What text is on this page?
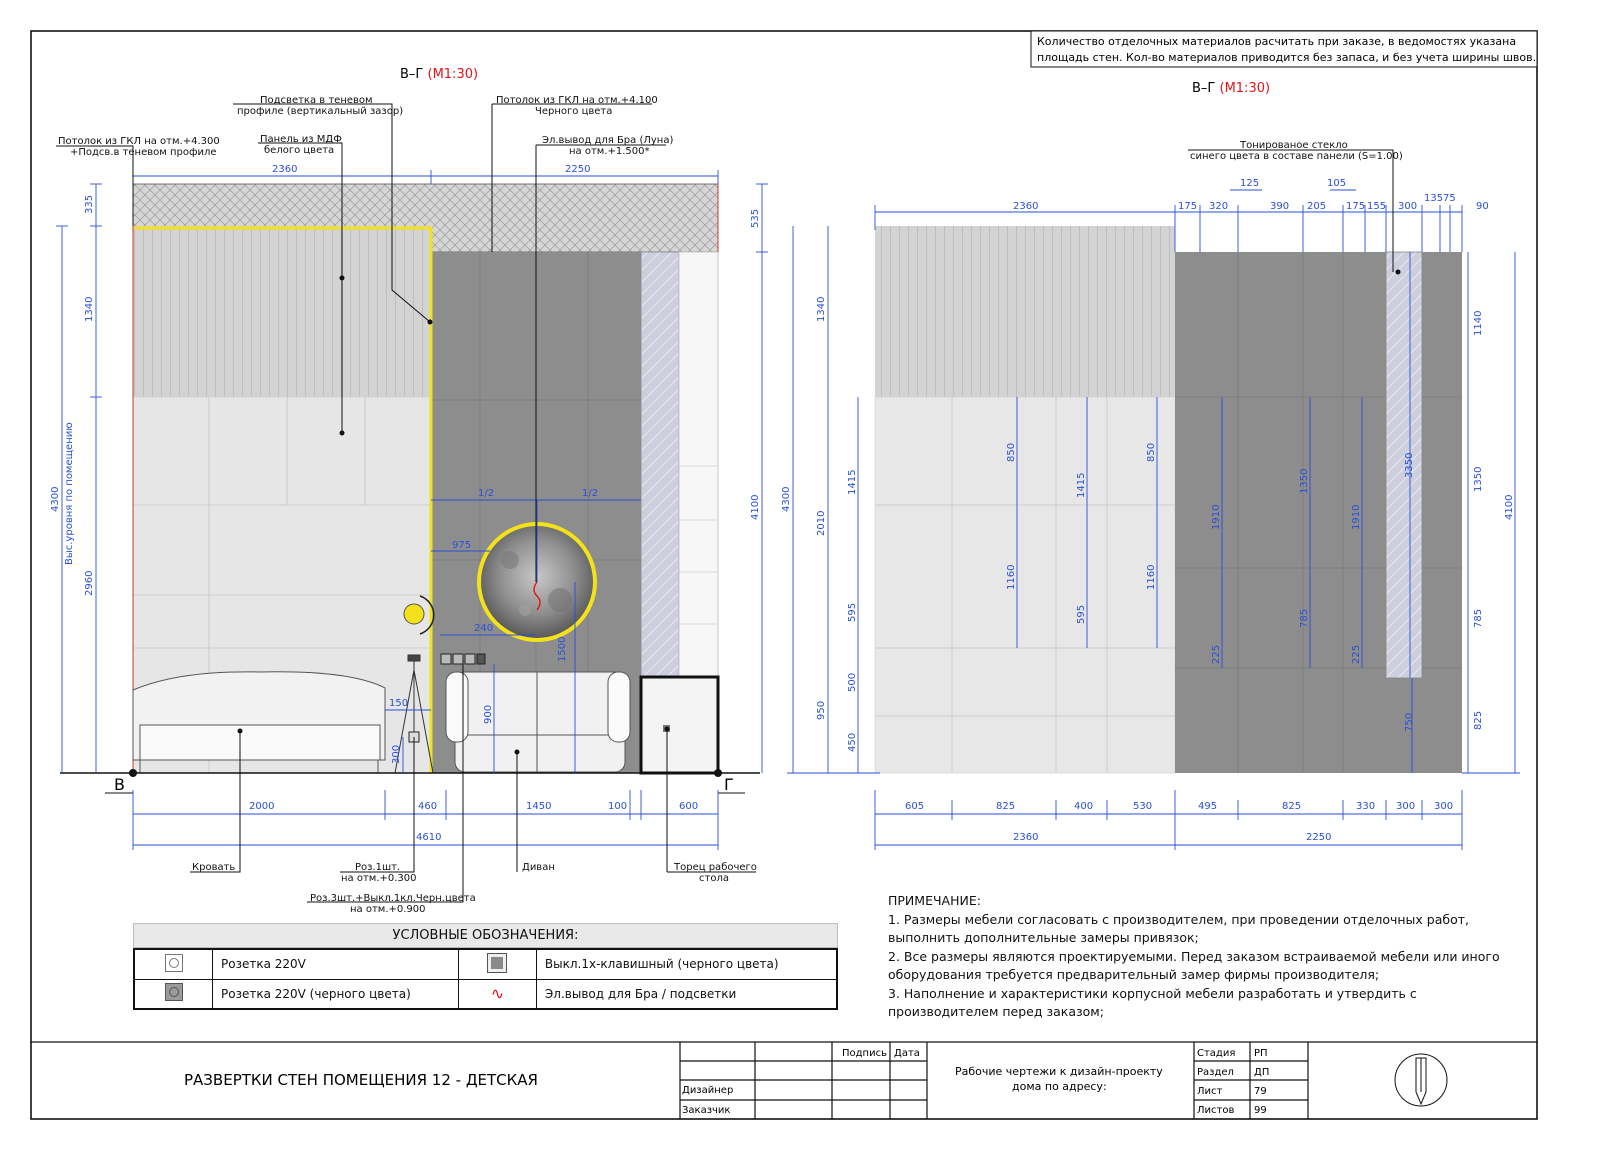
В–Г (М1:30)
В	Г
2360	2250
335
1340
2960
4300 Выс.уровня по помещению
535
4100
1/2	1/2
975
240
1500
150
900
300
2000	460	1450	100	600
4610
Потолок из ГКЛ на отм.+4.300
+Подсв.в теневом профиле
Подсветка в теневом
профиле (вертикальный зазор)
Панель из МДФ
белого цвета
Потолок из ГКЛ на отм.+4.100
Черного цвета
Эл.вывод для Бра (Луна)
на отм.+1.500*
Кровать	Роз.1шт.
на отм.+0.300
Роз.3шт.+Выкл.1кл.Черн.цвета
на отм.+0.900
Диван	Торец рабочего
стола
В–Г (М1:30)
2360	175 320	390 205 175 155 300
135 75
90
125	105
1340
2010
950
4300
1415
595
500
450
850
1160
1415
595
850
1160
1910
225
1350
785
1910
225
3350
750
1140
1350
785
825
4100
605	825	400	530	495	825	330 300 300
2360	2250
Тонированое стекло
синего цвета в составе панели (S=1.00)
Количество отделочных материалов расчитать при заказе, в ведомостях указана
площадь стен. Кол-во материалов приводится без запаса, и без учета ширины швов.
РАЗВЕРТКИ СТЕН ПОМЕЩЕНИЯ 12 - ДЕТСКАЯ
Подпись Дата
Дизайнер
Заказчик
Рабочие чертежи к дизайн-проекту
дома по адресу:
Стадия РП
Раздел ДП
Лист	79
Листов 99
УСЛОВНЫЕ ОБОЗНАЧЕНИЯ:
	Розетка 220V		Выкл.1х-клавишный (черного цвета)

	Розетка 220V (черного цвета)	∿	Эл.вывод для Бра / подсветки
ПРИМЕЧАНИЕ:
1. Размеры мебели согласовать с производителем, при проведении отделочных работ,
выполнить дополнительные замеры привязок;
2. Все размеры являются проектируемыми. Перед заказом встраиваемой мебели или иного
оборудования требуется предварительный замер фирмы производителя;
3. Наполнение и характеристики корпусной мебели разработать и утвердить с
производителем перед заказом;
